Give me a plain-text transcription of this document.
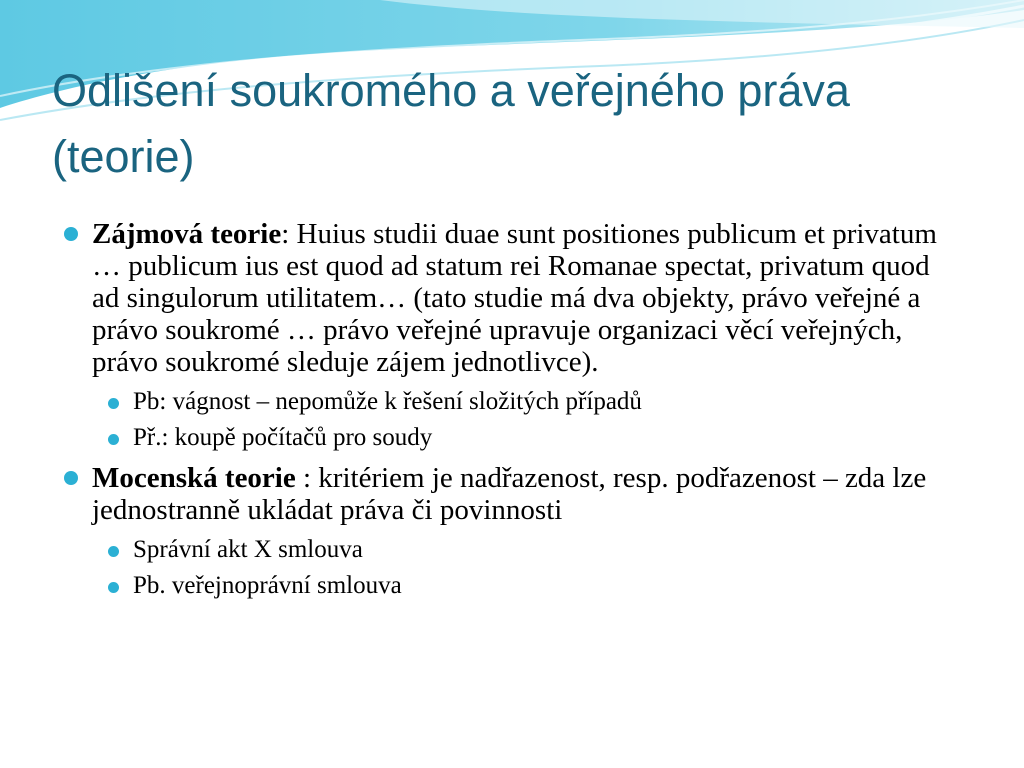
Odlišení soukromého a veřejného práva (teorie)
Zájmová teorie: Huius studii duae sunt positiones publicum et privatum … publicum ius est quod ad statum rei Romanae spectat, privatum quod ad singulorum utilitatem… (tato studie má dva objekty, právo veřejné a právo soukromé … právo veřejné upravuje organizaci věcí veřejných, právo soukromé sleduje zájem jednotlivce).
Pb: vágnost – nepomůže k řešení složitých případů
Př.: koupě počítačů pro soudy
Mocenská teorie : kritériem je nadřazenost, resp. podřazenost – zda lze jednostranně ukládat práva či povinnosti
Správní akt X smlouva
Pb. veřejnoprávní smlouva
